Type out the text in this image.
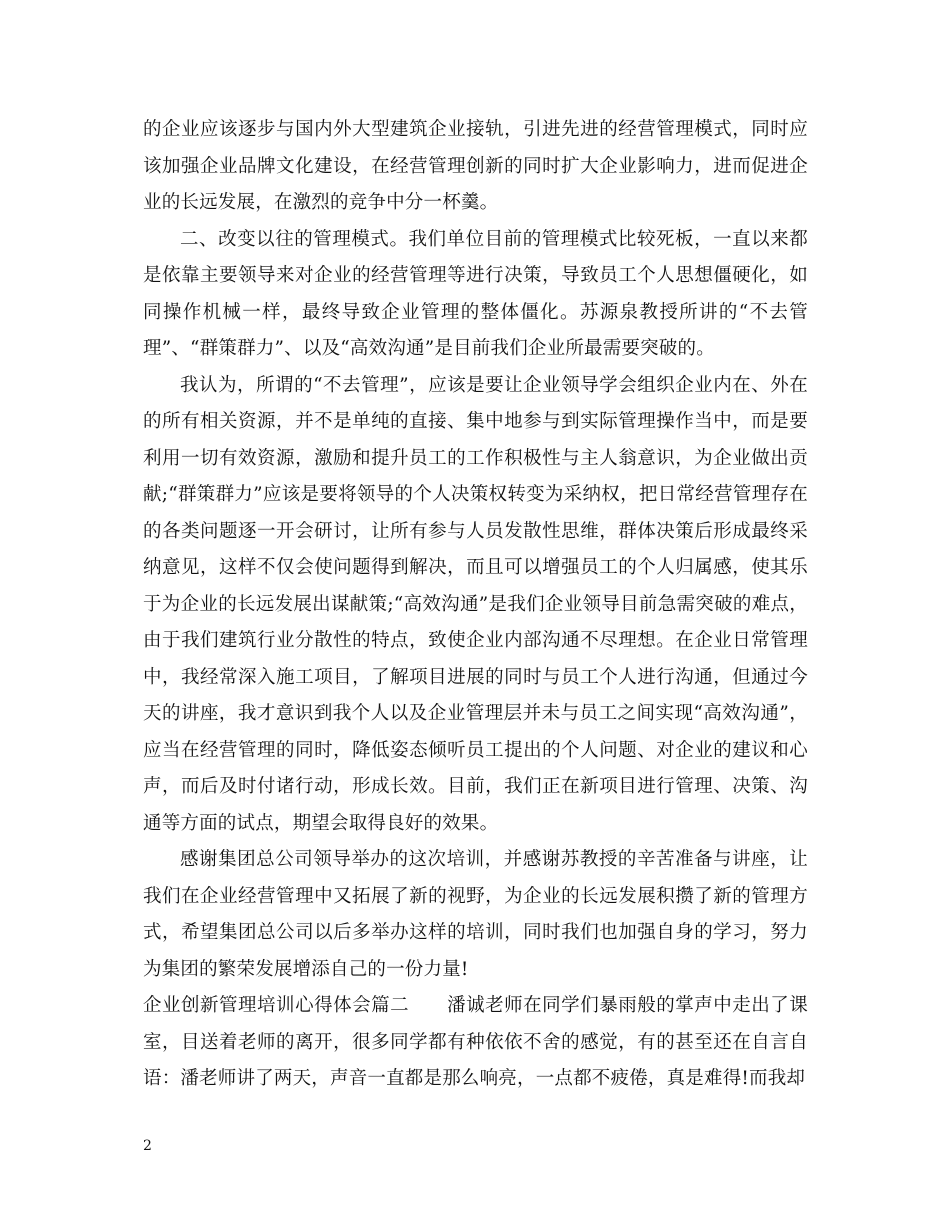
的企业应该逐步与国内外大型建筑企业接轨，引进先进的经营管理模式，同时应该加强企业品牌文化建设，在经营管理创新的同时扩大企业影响力，进而促进企业的长远发展，在激烈的竞争中分一杯羹。

二、改变以往的管理模式。我们单位目前的管理模式比较死板，一直以来都是依靠主要领导来对企业的经营管理等进行决策，导致员工个人思想僵硬化，如同操作机械一样，最终导致企业管理的整体僵化。苏源泉教授所讲的“不去管理”、“群策群力”、以及“高效沟通”是目前我们企业所最需要突破的。

我认为，所谓的“不去管理”，应该是要让企业领导学会组织企业内在、外在的所有相关资源，并不是单纯的直接、集中地参与到实际管理操作当中，而是要利用一切有效资源，激励和提升员工的工作积极性与主人翁意识，为企业做出贡献;“群策群力”应该是要将领导的个人决策权转变为采纳权，把日常经营管理存在的各类问题逐一开会研讨，让所有参与人员发散性思维，群体决策后形成最终采纳意见，这样不仅会使问题得到解决，而且可以增强员工的个人归属感，使其乐于为企业的长远发展出谋献策;“高效沟通”是我们企业领导目前急需突破的难点，由于我们建筑行业分散性的特点，致使企业内部沟通不尽理想。在企业日常管理中，我经常深入施工项目，了解项目进展的同时与员工个人进行沟通，但通过今天的讲座，我才意识到我个人以及企业管理层并未与员工之间实现“高效沟通”，应当在经营管理的同时，降低姿态倾听员工提出的个人问题、对企业的建议和心声，而后及时付诸行动，形成长效。目前，我们正在新项目进行管理、决策、沟通等方面的试点，期望会取得良好的效果。

感谢集团总公司领导举办的这次培训，并感谢苏教授的辛苦准备与讲座，让我们在企业经营管理中又拓展了新的视野，为企业的长远发展积攒了新的管理方式，希望集团总公司以后多举办这样的培训，同时我们也加强自身的学习，努力为集团的繁荣发展增添自己的一份力量!

企业创新管理培训心得体会篇二　　潘诚老师在同学们暴雨般的掌声中走出了课室，目送着老师的离开，很多同学都有种依依不舍的感觉，有的甚至还在自言自语：潘老师讲了两天，声音一直都是那么响亮，一点都不疲倦，真是难得!而我却

2
